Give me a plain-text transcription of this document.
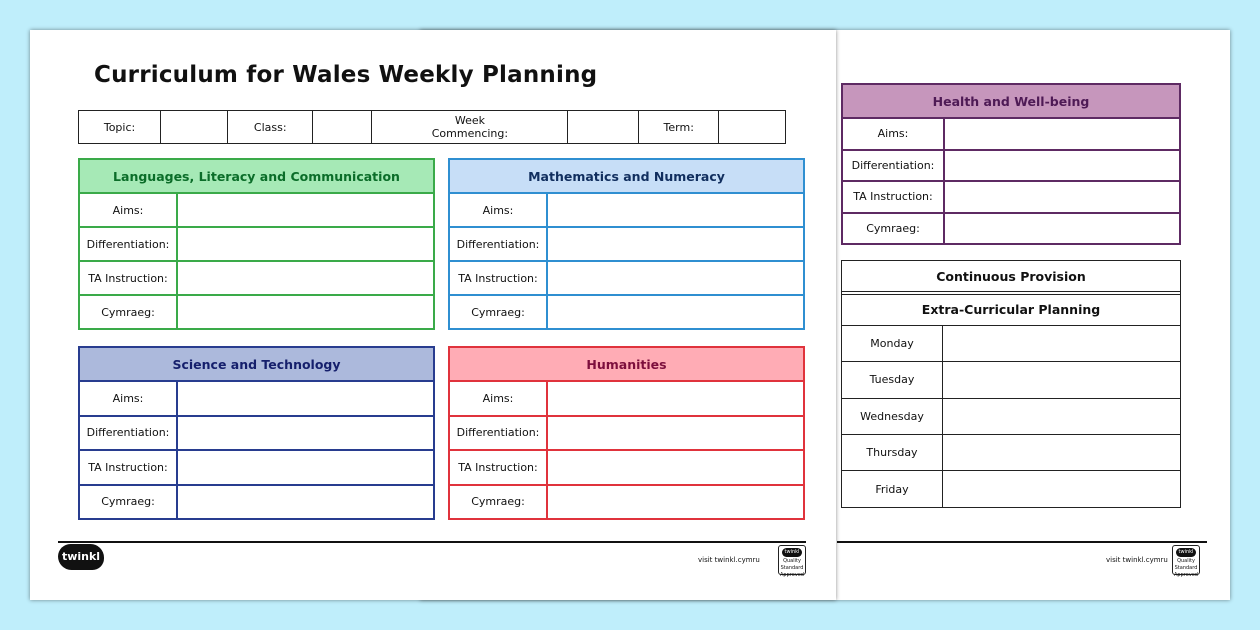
Health and Well-being	
Aims:	
Differentiation:	
TA Instruction:	
Cymraeg:	
Continuous Provision	

Extra-Curricular Planning	
Monday	
Tuesday	
Wednesday	
Thursday	
Friday	
visit twinkl.cymru
twinkl
Quality Standard Approved
Curriculum for Wales Weekly Planning
Topic:		Class:		Week
Commencing:		Term:	
Languages, Literacy and Communication	
Aims:	
Differentiation:	
TA Instruction:	
Cymraeg:	
Mathematics and Numeracy	
Aims:	
Differentiation:	
TA Instruction:	
Cymraeg:	
Science and Technology	
Aims:	
Differentiation:	
TA Instruction:	
Cymraeg:	
Humanities	
Aims:	
Differentiation:	
TA Instruction:	
Cymraeg:	
twinkl	visit twinkl.cymru
twinkl
Quality Standard Approved
